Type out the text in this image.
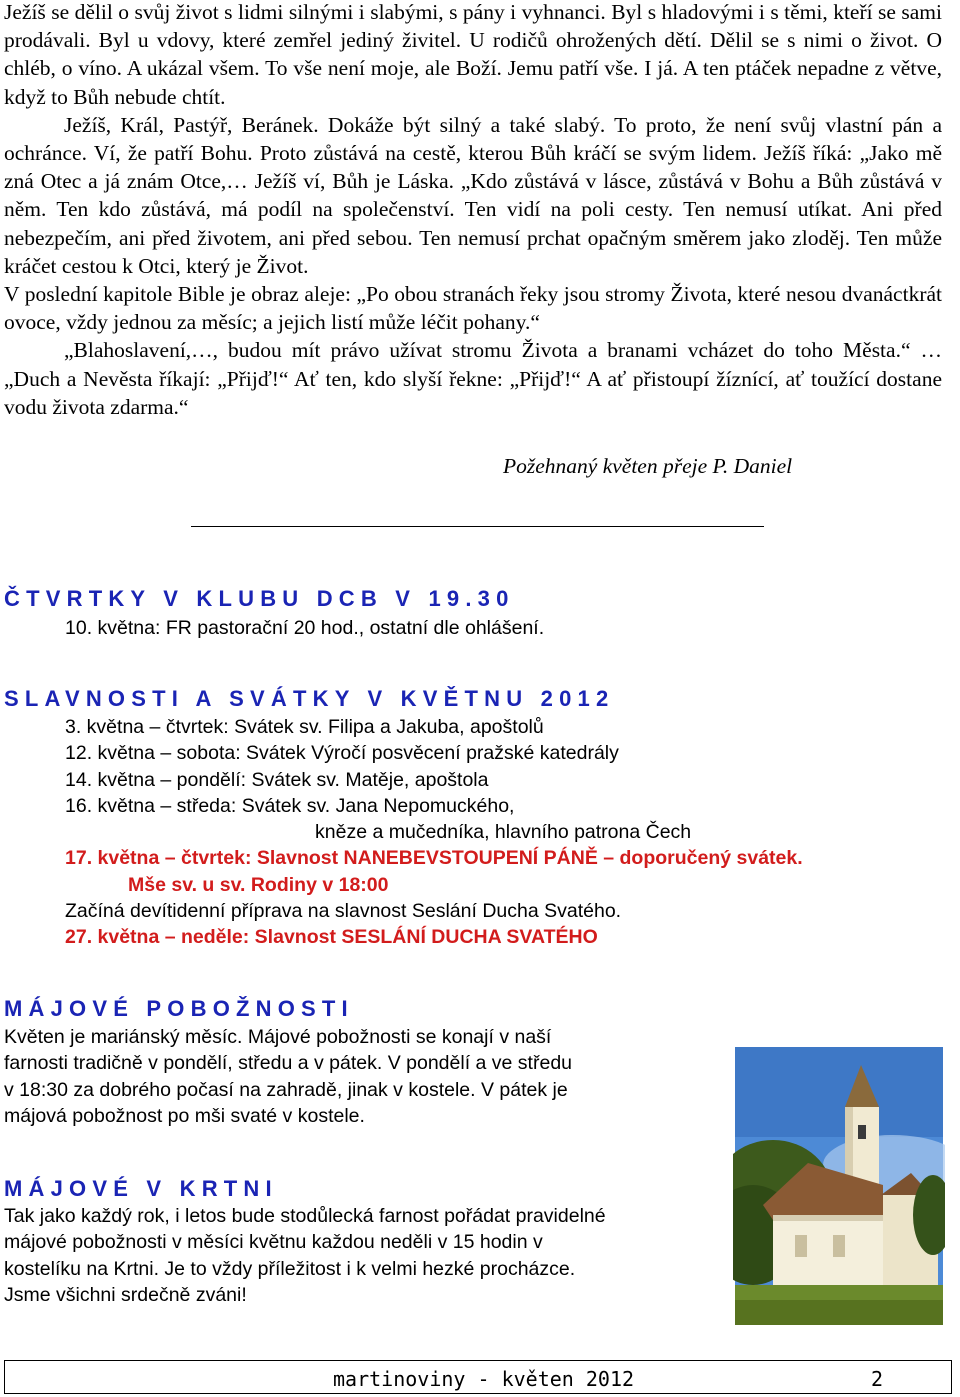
Ježíš se dělil o svůj život s lidmi silnými i slabými, s pány i vyhnanci. Byl s hladovými i s těmi, kteří se sami prodávali. Byl u vdovy, které zemřel jediný živitel. U rodičů ohrožených dětí. Dělil se s nimi o život. O chléb, o víno. A ukázal všem. To vše není moje, ale Boží. Jemu patří vše. I já. A ten ptáček nepadne z větve, když to Bůh nebude chtít.

Ježíš, Král, Pastýř, Beránek. Dokáže být silný a také slabý. To proto, že není svůj vlastní pán a ochránce. Ví, že patří Bohu. Proto zůstává na cestě, kterou Bůh kráčí se svým lidem. Ježíš říká: „Jako mě zná Otec a já znám Otce,… Ježíš ví, Bůh je Láska. „Kdo zůstává v lásce, zůstává v Bohu a Bůh zůstává v něm. Ten kdo zůstává, má podíl na společenství. Ten vidí na poli cesty. Ten nemusí utíkat. Ani před nebezpečím, ani před životem, ani před sebou. Ten nemusí prchat opačným směrem jako zloděj. Ten může kráčet cestou k Otci, který je Život.

V poslední kapitole Bible je obraz aleje: „Po obou stranách řeky jsou stromy Života, které nesou dvanáctkrát ovoce, vždy jednou za měsíc; a jejich listí může léčit pohany.“

„Blahoslavení,…, budou mít právo užívat stromu Života a branami vcházet do toho Města.“ … „Duch a Nevěsta říkají: „Přijď!“ Ať ten, kdo slyší řekne: „Přijď!“ A ať přistoupí žíznící, ať toužící dostane vodu života zdarma.“

Požehnaný květen přeje P. Daniel
ČTVRTKY V KLUBU DCB V 19.30
10. května: FR pastorační 20 hod., ostatní dle ohlášení.
SLAVNOSTI A SVÁTKY V KVĚTNU 2012
3. května – čtvrtek: Svátek sv. Filipa a Jakuba, apoštolů
12. května – sobota: Svátek Výročí posvěcení pražské katedrály
14. května – pondělí: Svátek sv. Matěje, apoštola
16. května – středa: Svátek sv. Jana Nepomuckého,
kněze a mučedníka, hlavního patrona Čech
17. května – čtvrtek: Slavnost NANEBEVSTOUPENÍ PÁNĚ – doporučený svátek.
Mše sv. u sv. Rodiny v 18:00
Začíná devítidenní příprava na slavnost Seslání Ducha Svatého.
27. května – neděle: Slavnost SESLÁNÍ DUCHA SVATÉHO
MÁJOVÉ POBOŽNOSTI
Květen je mariánský měsíc. Májové pobožnosti se konají v naší
farnosti tradičně v pondělí, středu a v pátek. V pondělí a ve středu
v 18:30 za dobrého počasí na zahradě, jinak v kostele. V pátek je
májová pobožnost po mši svaté v kostele.
MÁJOVÉ V KRTNI
Tak jako každý rok, i letos bude stodůlecká farnost pořádat pravidelné
májové pobožnosti v měsíci květnu každou neděli v 15 hodin v
kostelíku na Krtni. Je to vždy příležitost i k velmi hezké procházce.
Jsme všichni srdečně zváni!
martinoviny - květen 2012	2
